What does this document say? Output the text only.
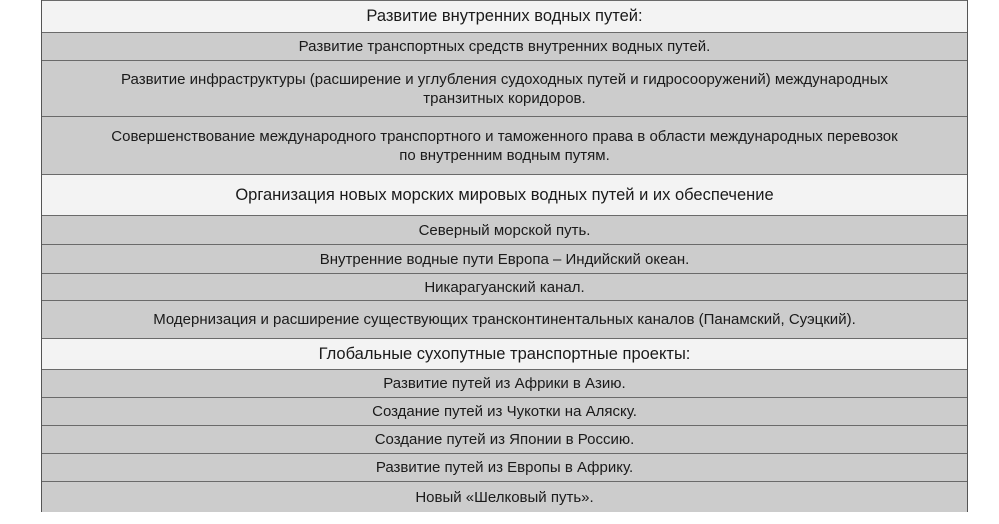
Развитие внутренних водных путей:
Развитие транспортных средств внутренних водных путей.
Развитие инфраструктуры (расширение и углубления судоходных путей и гидросооружений) международных транзитных коридоров.
Совершенствование международного транспортного и таможенного права в области международных перевозок по внутренним водным путям.
Организация новых морских мировых водных путей и их обеспечение
Северный морской путь.
Внутренние водные пути Европа – Индийский океан.
Никарагуанский канал.
Модернизация и расширение существующих трансконтинентальных каналов (Панамский, Суэцкий).
Глобальные сухопутные транспортные проекты:
Развитие путей из Африки в Азию.
Создание путей из Чукотки на Аляску.
Создание путей из Японии в Россию.
Развитие путей из Европы в Африку.
Новый «Шелковый путь».
